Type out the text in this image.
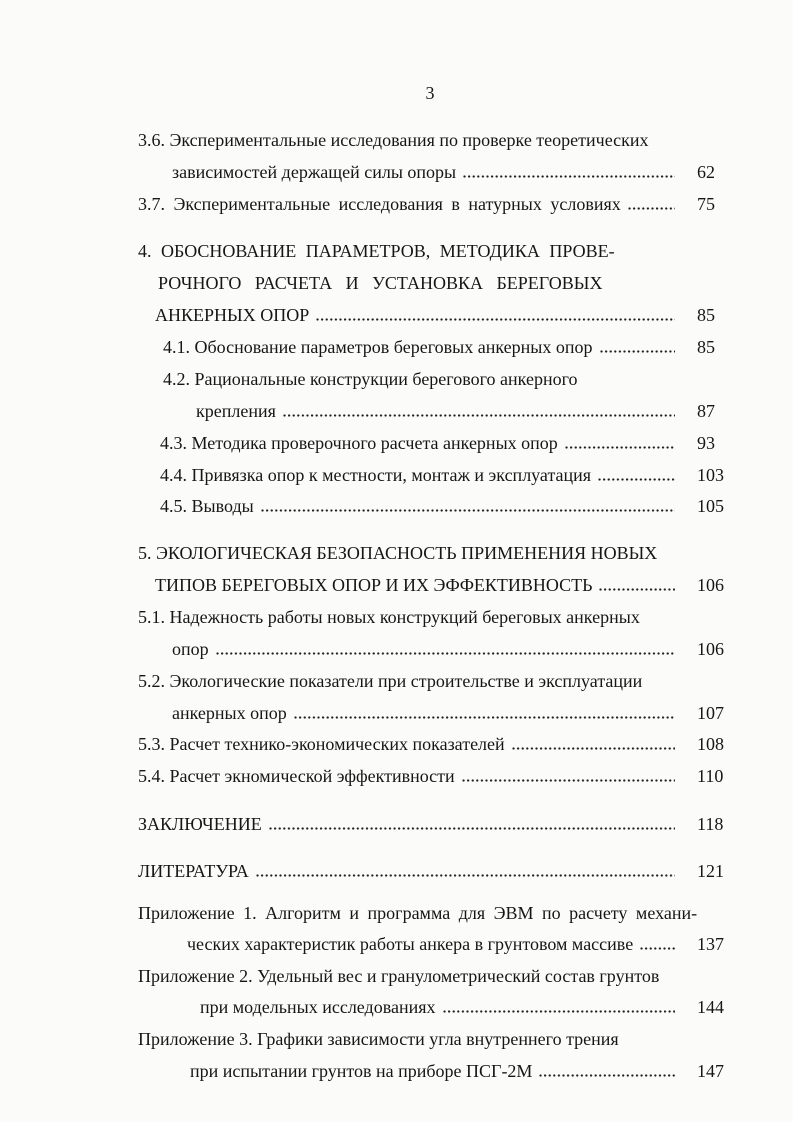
3
3.6. Экспериментальные исследования по проверке теоретических
зависимостей держащей силы опоры	62
3.7. Экспериментальные исследования в натурных условиях	75
4. ОБОСНОВАНИЕ ПАРАМЕТРОВ, МЕТОДИКА ПРОВЕ-
РОЧНОГО РАСЧЕТА И УСТАНОВКА БЕРЕГОВЫХ
АНКЕРНЫХ ОПОР	85
4.1. Обоснование параметров береговых анкерных опор	85
4.2. Рациональные конструкции берегового анкерного
крепления	87
4.3. Методика проверочного расчета анкерных опор	93
4.4. Привязка опор к местности, монтаж и эксплуатация	103
4.5. Выводы	105
5. ЭКОЛОГИЧЕСКАЯ БЕЗОПАСНОСТЬ ПРИМЕНЕНИЯ НОВЫХ
ТИПОВ БЕРЕГОВЫХ ОПОР И ИХ ЭФФЕКТИВНОСТЬ	106
5.1. Надежность работы новых конструкций береговых анкерных
опор	106
5.2. Экологические показатели при строительстве и эксплуатации
анкерных опор	107
5.3. Расчет технико-экономических показателей	108
5.4. Расчет экномической эффективности	110
ЗАКЛЮЧЕНИЕ	118
ЛИТЕРАТУРА	121
Приложение 1. Алгоритм и программа для ЭВМ по расчету механи-
ческих характеристик работы анкера в грунтовом массиве	137
Приложение 2. Удельный вес и гранулометрический состав грунтов
при модельных исследованиях	144
Приложение 3. Графики зависимости угла внутреннего трения
при испытании грунтов на приборе ПСГ-2М	147
